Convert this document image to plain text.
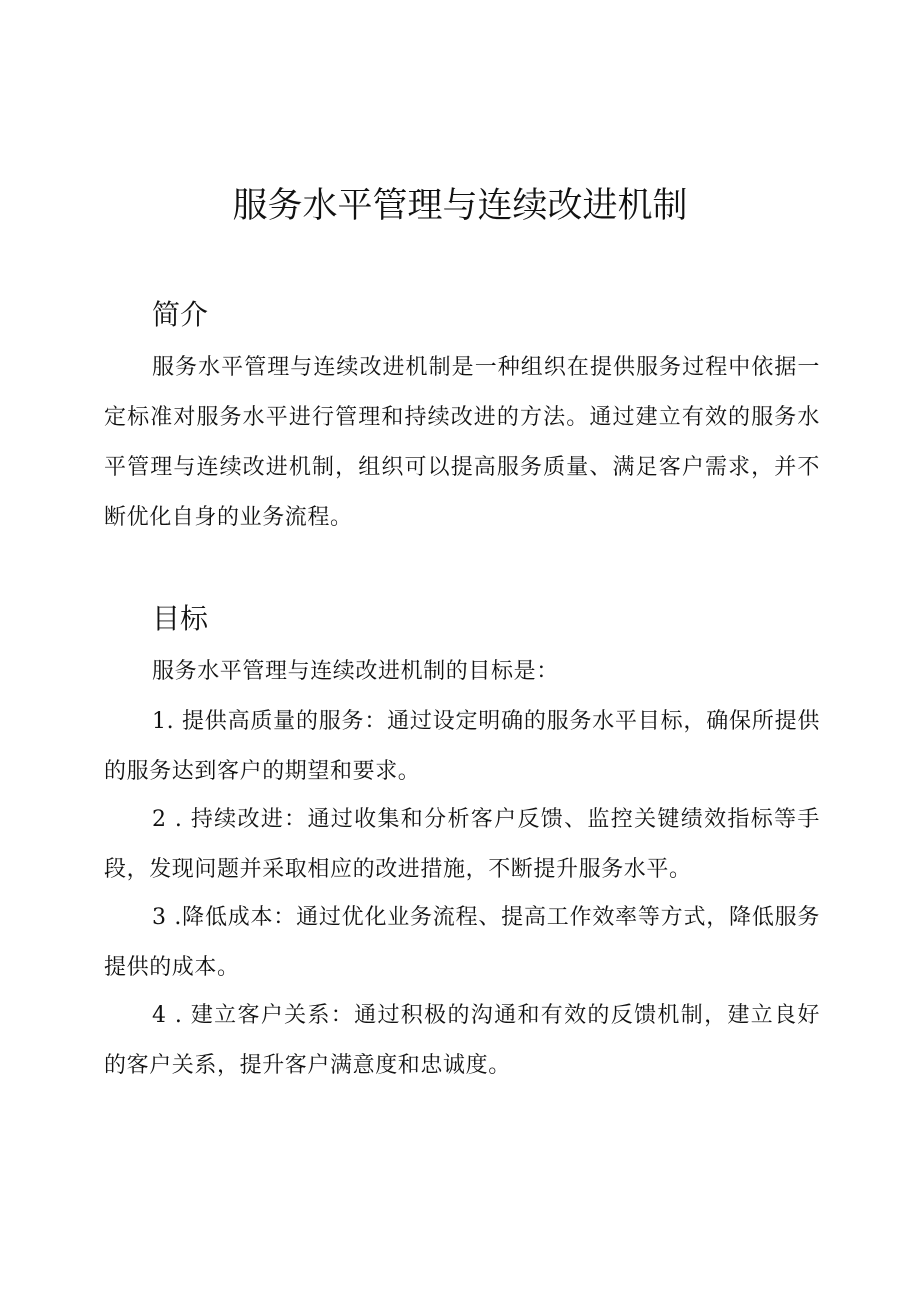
服务水平管理与连续改进机制
简介

服务水平管理与连续改进机制是一种组织在提供服务过程中依据一定标准对服务水平进行管理和持续改进的方法。通过建立有效的服务水平管理与连续改进机制，组织可以提高服务质量、满足客户需求，并不断优化自身的业务流程。

目标

服务水平管理与连续改进机制的目标是：

1. 提供高质量的服务：通过设定明确的服务水平目标，确保所提供的服务达到客户的期望和要求。

2 . 持续改进：通过收集和分析客户反馈、监控关键绩效指标等手段，发现问题并采取相应的改进措施，不断提升服务水平。

3 .降低成本：通过优化业务流程、提高工作效率等方式，降低服务提供的成本。

4 . 建立客户关系：通过积极的沟通和有效的反馈机制，建立良好的客户关系，提升客户满意度和忠诚度。
